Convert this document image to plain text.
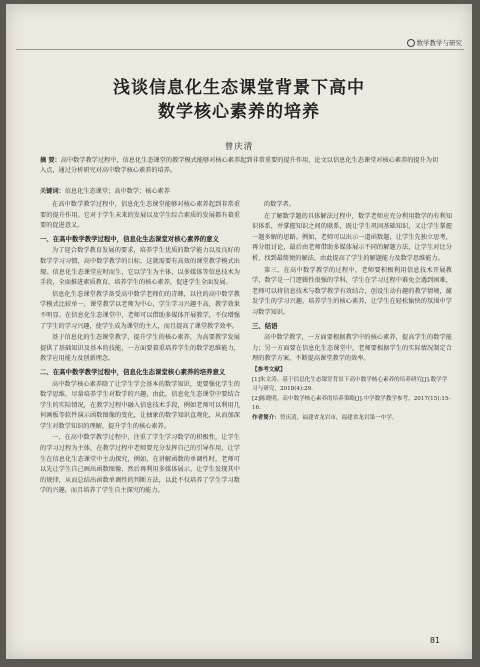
数学教学与研究
浅谈信息化生态课堂背景下高中
数学核心素养的培养
曾庆清
摘 要：高中数学教学过程中，信息化生态课堂的教学模式能够对核心素养起到非常重要的提升作用，论文以信息化生态课堂对核心素养的提升为切入点，通过分析研究对高中数学核心素养的培养。
关键词：信息化生态课堂；高中数学；核心素养

在高中数学教学过程中，信息化生态课堂能够对核心素养起到非常重要的提升作用。它对于学生未来的发展以及学生综合素质的发展都有着重要的促进意义。

一、在高中数学教学过程中，信息化生态课堂对核心素养的意义

为了迎合数学教育发展的要求，培养学生优质的数学能力以及良好的数学学习习惯，高中数学教学的目标，这就需要有高效的课堂教学模式出现。信息化生态课堂应时而生，它以学生为主体，以多媒体等信息技术为手段，全面推进素质教育，培养学生的核心素养，促进学生全面发展。

信息化生态课堂教学备受高中数学老师们的青睐，以往的高中数学教学模式比较单一，课堂教学以老师为中心，学生学习兴趣不高，教学效果不明显。在信息化生态课堂中，老师可以借助多媒体开展教学，不仅增强了学生的学习兴趣，使学生成为课堂的主人，而且提高了课堂教学效率。

基于信息化的生态课堂教学，提升学生的核心素养，为高要教学发展提供了基础知识及基本的技能，一方面要着重培养学生的数学思维能力，教学应用能力及创新理念。

二、在高中数学教学过程中，信息化生态课堂核心素养的培养意义

高中数学核心素养除了让学生学会基本的数学知识，更要强化学生的数学思维，尽量培养学生对数学的兴趣，由此，信息化生态课堂中要结合学生的实际情况，在教学过程中融入信息技术手段，例如老师可以利用几何画板等软件演示函数图像的变化，让抽象的数学知识直观化，从而加深学生对数学知识的理解，提升学生的核心素养。

一、在高中数学教学过程中，注重了学生学习数学的积极性，让学生的学习过程为主体，在教学过程中老师要充分发挥自己的引导作用，让学生在信息化生态课堂中主动探究，例如，在讲解函数的单调性时，老师可以先让学生自己画出函数图像，然后再利用多媒体展示，让学生发现其中的规律，从而总结出函数单调性的判断方法，以此不仅培养了学生学习数学的兴趣，而且培养了学生自主探究的能力。

的数学者。

在了解数学题的具体解法过程中，数学老师应充分利用数学的有利知识体系，并掌握知识之间的联系，既让学生巩固基础知识，又让学生掌握一题多解的思路。例如，老师可以出示一道函数题，让学生先独立思考，再分组讨论，最后由老师借助多媒体展示不同的解题方法，让学生对比分析，找到最简便的解法，由此提高了学生的解题能力及数学思维能力。

第三，在高中数学教学的过程中，老师要积极利用信息技术开展教学，数学是一门逻辑性很强的学科，学生在学习过程中难免会遇到困难，老师可以将信息技术与数学教学有效结合，创设生动有趣的教学情境，激发学生的学习兴趣，培养学生的核心素养，让学生在轻松愉快的氛围中学习数学知识。

三、结语

高中数学教学，一方面要根据教学中的核心素养，提高学生的数学能力；另一方面要在信息化生态课堂中，老师要根据学生的实际情况制定合理的教学方案，不断提高课堂教学的效率。

【参考文献】
[1]朱文涛。基于信息化生态课堂背景下高中数学核心素养的培养研究[J].数学学习与研究，2018(4):29.
[2]陈晓明。高中数学核心素养的培养策略[J].中学数学教学参考，2017(15):15-16.
作者简介：曾庆清，福建省龙岩市，福建省龙岩第一中学。
81
